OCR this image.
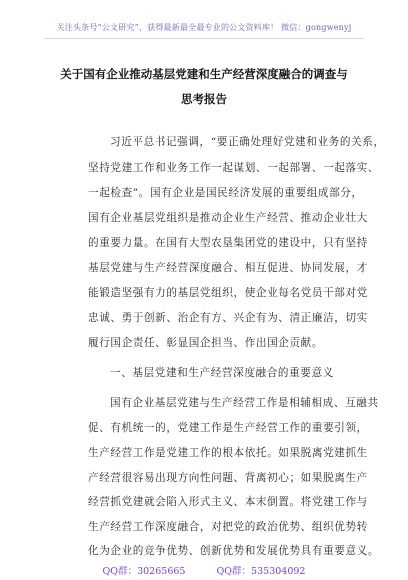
关注头条号“公文研究”，获得最新最全最专业的公文资料库！ 微信：gongwenyj
关于国有企业推动基层党建和生产经营深度融合的调查与
思考报告
习近平总书记强调，“要正确处理好党建和业务的关系，
坚持党建工作和业务工作一起谋划、一起部署、一起落实、
一起检查”。国有企业是国民经济发展的重要组成部分，
国有企业基层党组织是推动企业生产经营、推动企业壮大
的重要力量。在国有大型农垦集团党的建设中，只有坚持
基层党建与生产经营深度融合、相互促进、协同发展，才
能锻造坚强有力的基层党组织，使企业每名党员干部对党
忠诚、勇于创新、治企有方、兴企有为、清正廉洁，切实
履行国企责任、彰显国企担当、作出国企贡献。
一、基层党建和生产经营深度融合的重要意义
国有企业基层党建与生产经营工作是相辅相成、互融共
促、有机统一的，党建工作是生产经营工作的重要引领，
生产经营工作是党建工作的根本依托。如果脱离党建抓生
产经营很容易出现方向性问题、背离初心；如果脱离生产
经营抓党建就会陷入形式主义、本末倒置。将党建工作与
生产经营工作深度融合，对把党的政治优势、组织优势转
化为企业的竞争优势、创新优势和发展优势具有重要意义。
QQ群：30265665	QQ群：535304092
